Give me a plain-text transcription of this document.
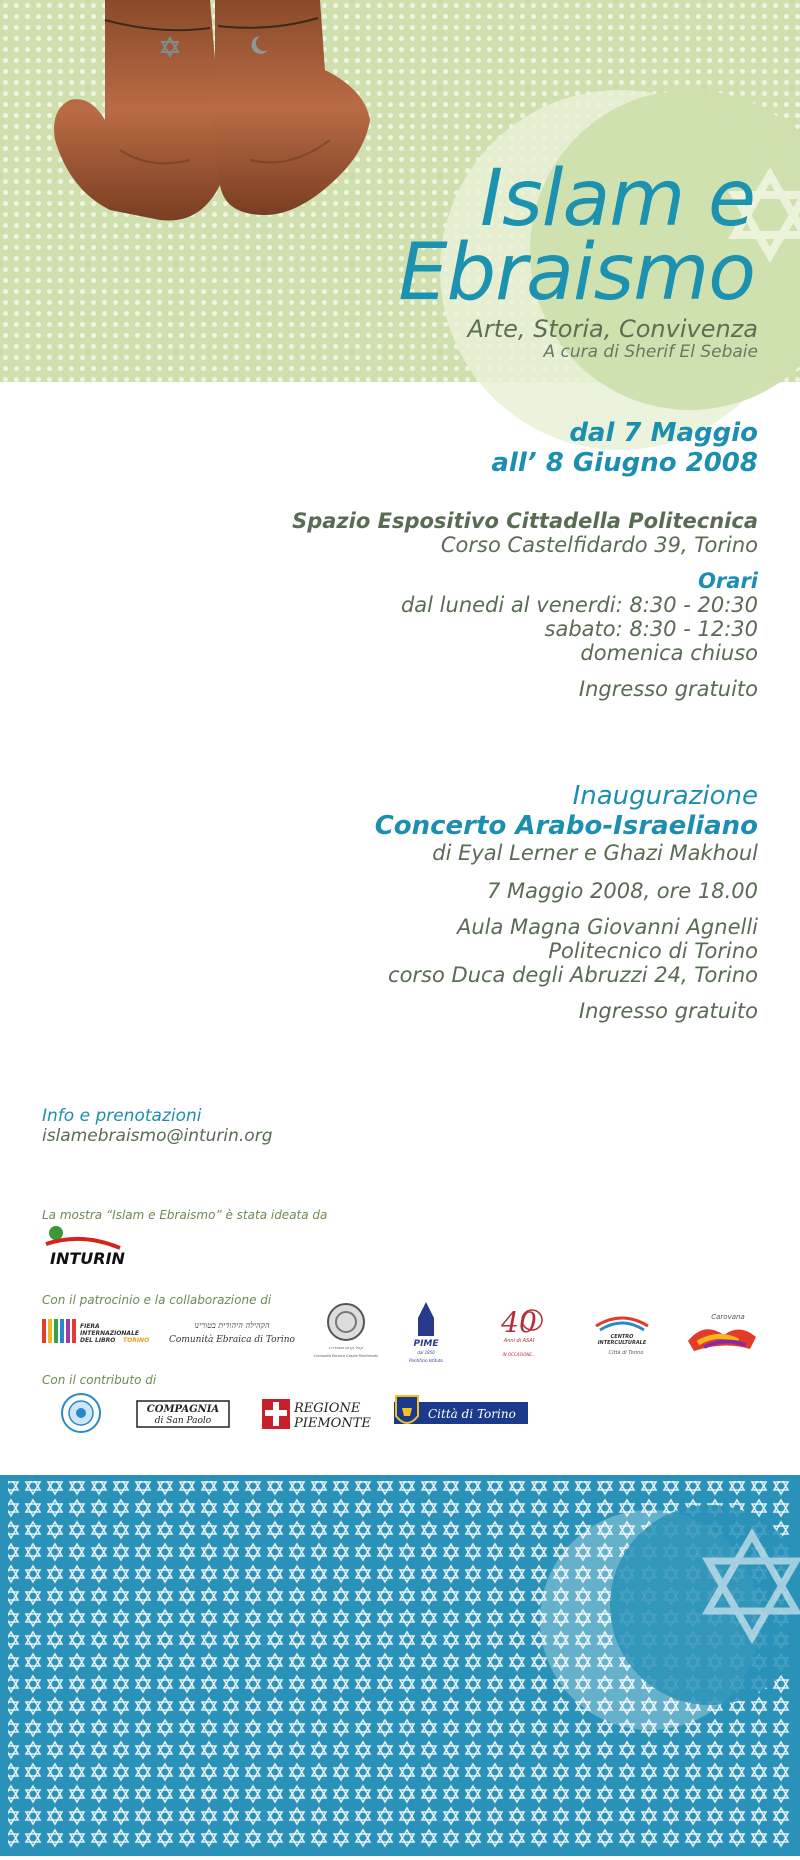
Islam e
Ebraismo
Arte, Storia, Convivenza

A cura di Sherif El Sebaie

dal 7 Maggio
all’ 8 Giugno 2008
Spazio Espositivo Cittadella Politecnica
Corso Castelfidardo 39, Torino
Orari
dal lunedi al venerdi: 8:30 - 20:30
sabato: 8:30 - 12:30
domenica chiuso
Ingresso gratuito
Inaugurazione
Concerto Arabo-Israeliano
di Eyal Lerner e Ghazi Makhoul
7 Maggio 2008, ore 18.00
Aula Magna Giovanni Agnelli
Politecnico di Torino
corso Duca degli Abruzzi 24, Torino
Ingresso gratuito
Info e prenotazioni
islamebraismo@inturin.org
La mostra “Islam e Ebraismo” è stata ideata da
INTURIN
Con il patrocinio e la collaborazione di
FIERA
INTERNAZIONALE
DEL LIBRO TORINO
הקהילה היהודית בטורינו
Comunità Ebraica di Torino
קהל קדוש מונפררט
Comunità Ebraica Casale Monferrato
PIME
dal 1850
Pontificio Istituto
40
Anni di ASAI
IN OCCASIONE...
CENTRO
INTERCULTURALE
Città di Torino
Carovana
Con il contributo di
COMPAGNIA
di San Paolo
REGIONE
PIEMONTE
Città di Torino
